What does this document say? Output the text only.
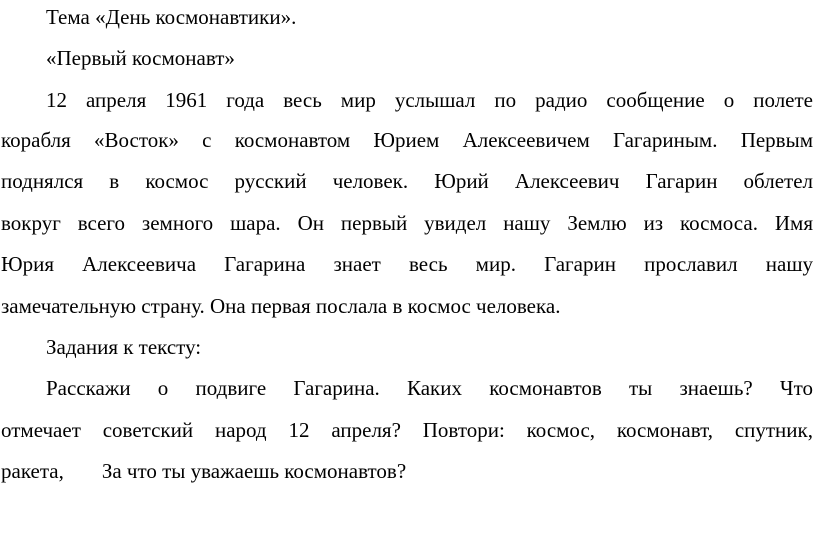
Тема «День космонавтики».
«Первый космонавт»
12 апреля 1961 года весь мир услышал по радио сообщение о полете
корабля «Восток» с космонавтом Юрием Алексеевичем Гагариным. Первым
поднялся в космос русский человек. Юрий Алексеевич Гагарин облетел
вокруг всего земного шара. Он первый увидел нашу Землю из космоса. Имя
Юрия Алексеевича Гагарина знает весь мир. Гагарин прославил нашу
замечательную страну. Она первая послала в космос человека.
Задания к тексту:
Расскажи о подвиге Гагарина. Каких космонавтов ты знаешь? Что
отмечает советский народ 12 апреля? Повтори: космос, космонавт, спутник,
ракета, За что ты уважаешь космонавтов?
